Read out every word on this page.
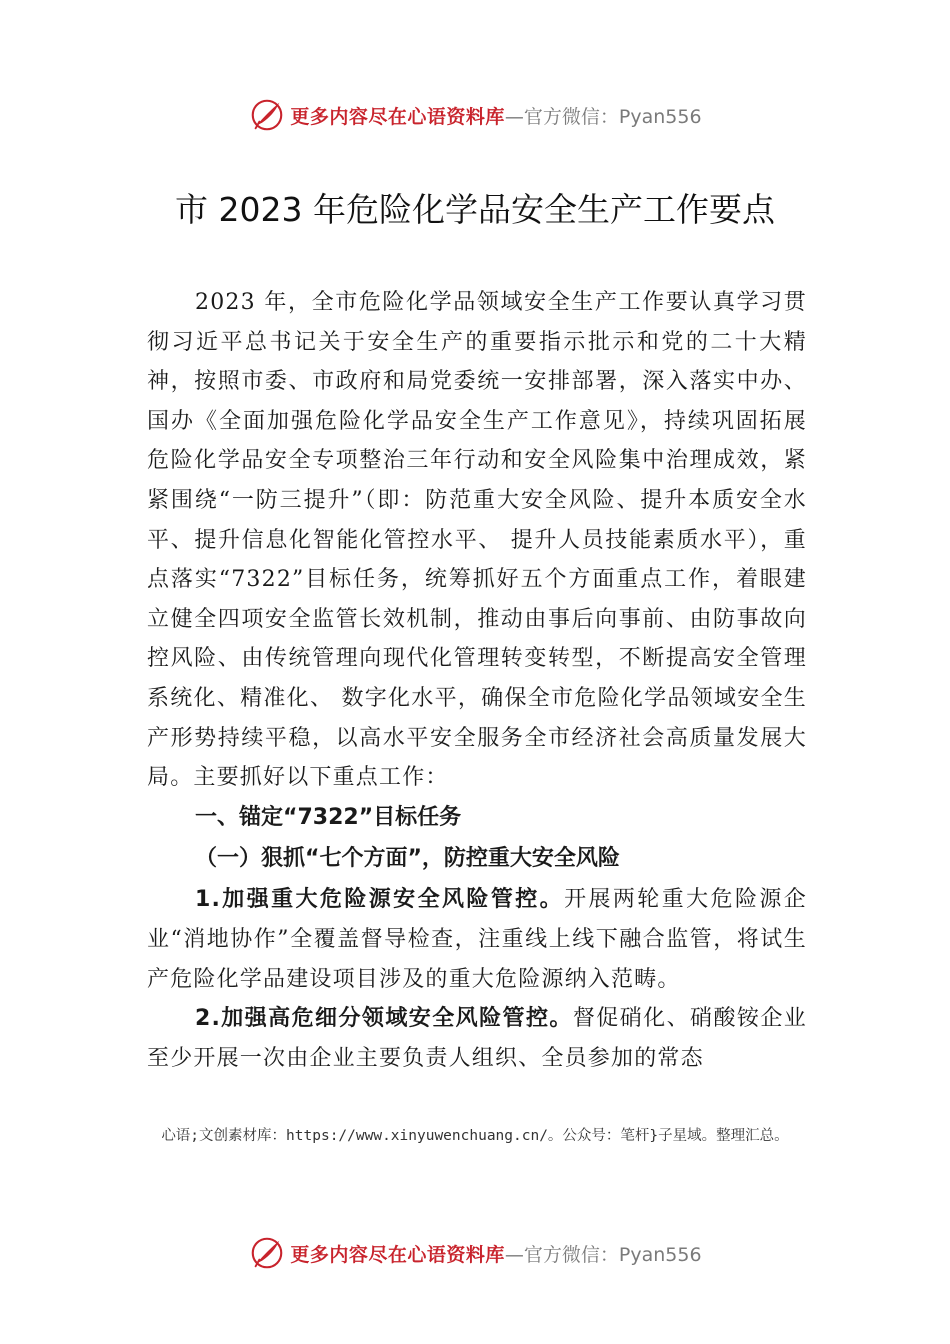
更多内容尽在心语资料库 —官方微信：Pyan556
市 2023 年危险化学品安全生产工作要点

2023 年，全市危险化学品领域安全生产工作要认真学习贯彻习近平总书记关于安全生产的重要指示批示和党的二十大精神，按照市委、市政府和局党委统一安排部署，深入落实中办、国办《全面加强危险化学品安全生产工作意见》，持续巩固拓展危险化学品安全专项整治三年行动和安全风险集中治理成效，紧紧围绕“一防三提升”（即：防范重大安全风险、提升本质安全水平、提升信息化智能化管控水平、 提升人员技能素质水平），重点落实“7322”目标任务，统筹抓好五个方面重点工作，着眼建立健全四项安全监管长效机制，推动由事后向事前、由防事故向控风险、由传统管理向现代化管理转变转型，不断提高安全管理系统化、精准化、 数字化水平，确保全市危险化学品领域安全生产形势持续平稳，以高水平安全服务全市经济社会高质量发展大局。主要抓好以下重点工作：

一、锚定“7322”目标任务

（一）狠抓“七个方面”，防控重大安全风险

1.加强重大危险源安全风险管控。开展两轮重大危险源企业“消地协作”全覆盖督导检查，注重线上线下融合监管，将试生产危险化学品建设项目涉及的重大危险源纳入范畴。

2.加强高危细分领域安全风险管控。督促硝化、硝酸铵企业至少开展一次由企业主要负责人组织、全员参加的常态

心语;文创素材库：https://www.xinyuwenchuang.cn/。公众号：笔杆}子星域。整理汇总。
更多内容尽在心语资料库 —官方微信：Pyan556
